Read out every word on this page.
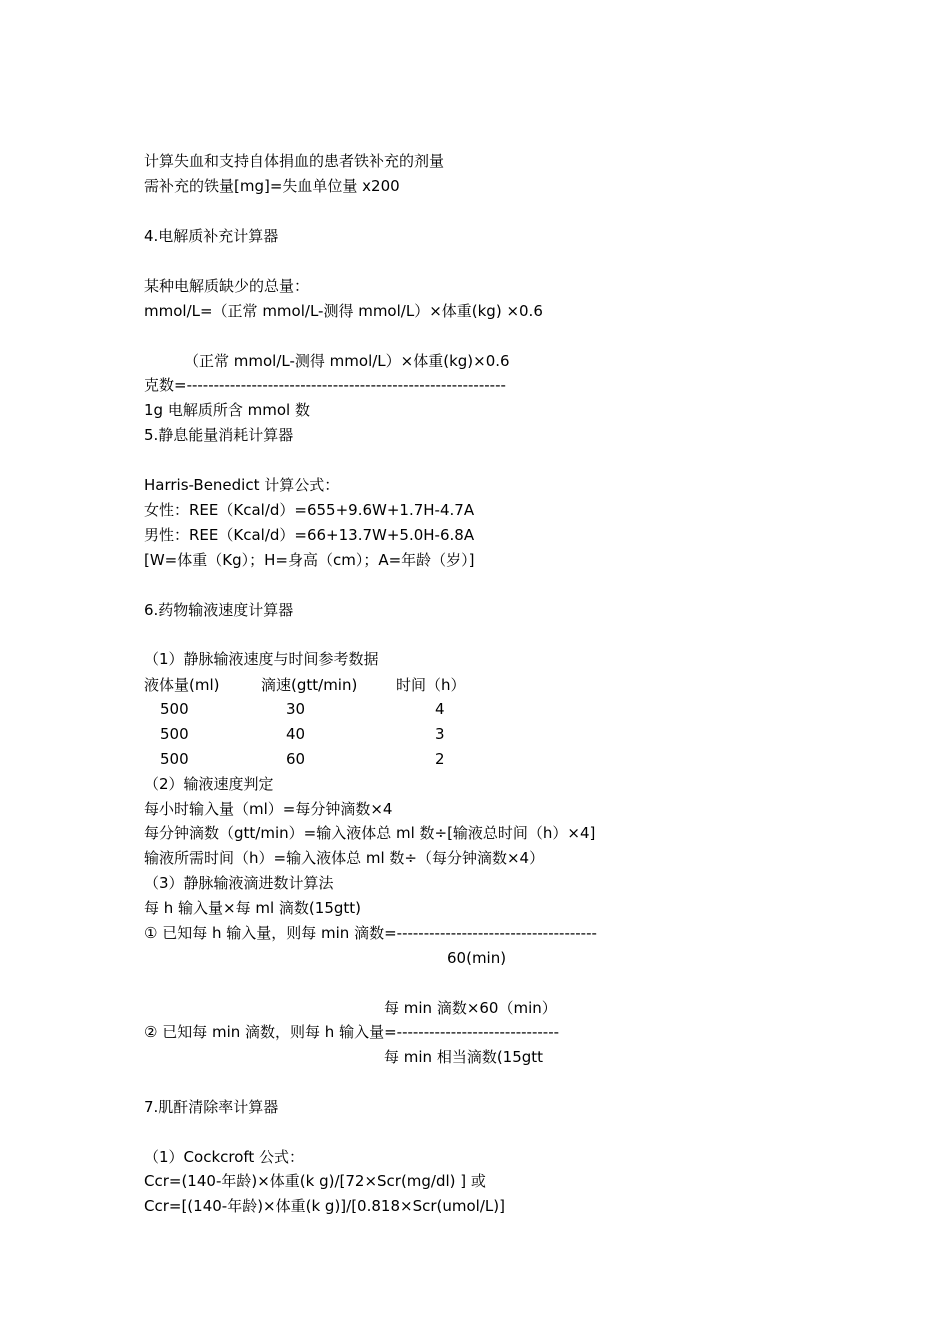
计算失血和支持自体捐血的患者铁补充的剂量
需补充的铁量[mg]=失血单位量 x200
4.电解质补充计算器
某种电解质缺少的总量：
mmol/L=（正常 mmol/L-测得 mmol/L）×体重(kg) ×0.6
（正常 mmol/L-测得 mmol/L）×体重(kg)×0.6
克数=-----------------------------------------------------------
1g 电解质所含 mmol 数
5.静息能量消耗计算器
Harris-Benedict 计算公式：
女性：REE（Kcal/d）=655+9.6W+1.7H-4.7A
男性：REE（Kcal/d）=66+13.7W+5.0H-6.8A
[W=体重（Kg）；H=身高（cm）；A=年龄（岁）]
6.药物输液速度计算器
（1）静脉输液速度与时间参考数据
液体量(ml)	滴速(gtt/min)	时间（h）
500	30	4
500	40	3
500	60	2
（2）输液速度判定
每小时输入量（ml）=每分钟滴数×4
每分钟滴数（gtt/min）=输入液体总 ml 数÷[输液总时间（h）×4]
输液所需时间（h）=输入液体总 ml 数÷（每分钟滴数×4）
（3）静脉输液滴进数计算法
每 h 输入量×每 ml 滴数(15gtt)
① 已知每 h 输入量，则每 min 滴数=-------------------------------------
60(min)
每 min 滴数×60（min）
② 已知每 min 滴数，则每 h 输入量=------------------------------
每 min 相当滴数(15gtt
7.肌酐清除率计算器
（1）Cockcroft 公式：
Ccr=(140-年龄)×体重(k g)/[72×Scr(mg/dl) ] 或
Ccr=[(140-年龄)×体重(k g)]/[0.818×Scr(umol/L)]
